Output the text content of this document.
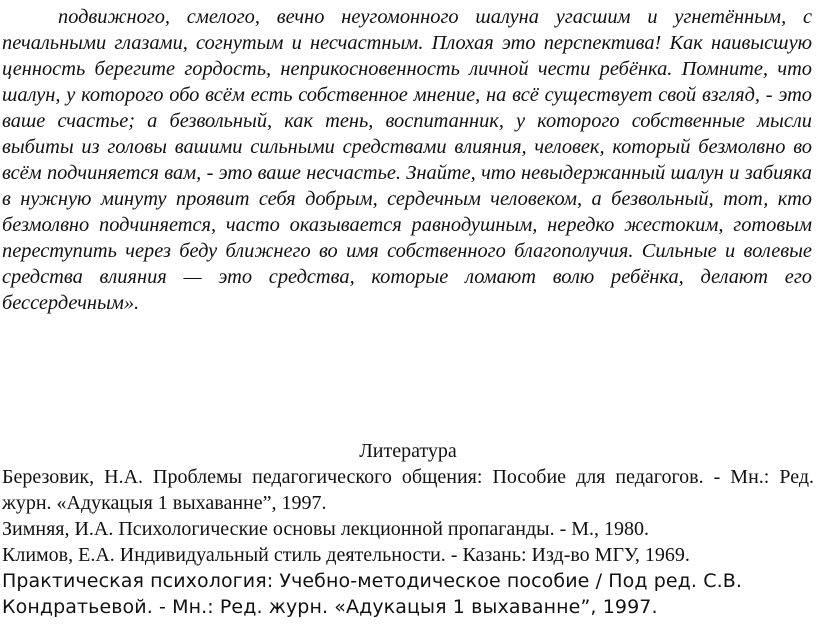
подвижного, смелого, вечно неугомонного шалуна угасшим и угнетённым, с печальными глазами, согнутым и несчастным. Плохая это перспектива! Как наивысшую ценность берегите гордость, неприкосновенность личной чести ребёнка. Помните, что шалун, у которого обо всём есть собственное мнение, на всё существует свой взгляд, - это ваше счастье; а безвольный, как тень, воспитанник, у которого собственные мысли выбиты из головы вашими сильными средствами влияния, человек, который безмолвно во всём подчиняется вам, - это ваше несчастье. Знайте, что невыдержанный шалун и забияка в нужную минуту проявит себя добрым, сердечным человеком, а безвольный, тот, кто безмолвно подчиняется, часто оказывается равнодушным, нередко жестоким, готовым переступить через беду ближнего во имя собственного благополучия. Сильные и волевые средства влияния — это средства, которые ломают волю ребёнка, делают его бессердечным».

Литература
Березовик, Н.А. Проблемы педагогического общения: Пособие для педагогов. - Мн.: Ред. журн. «Адукацыя 1 выхаванне”, 1997.
Зимняя, И.А. Психологические основы лекционной пропаганды. - М., 1980.
Климов, Е.А. Индивидуальный стиль деятельности. - Казань: Изд-во МГУ, 1969.
Практическая психология: Учебно-методическое пособие / Под ред. С.В. Кондратьевой. - Мн.: Ред. журн. «Адукацыя 1 выхаванне”, 1997.
